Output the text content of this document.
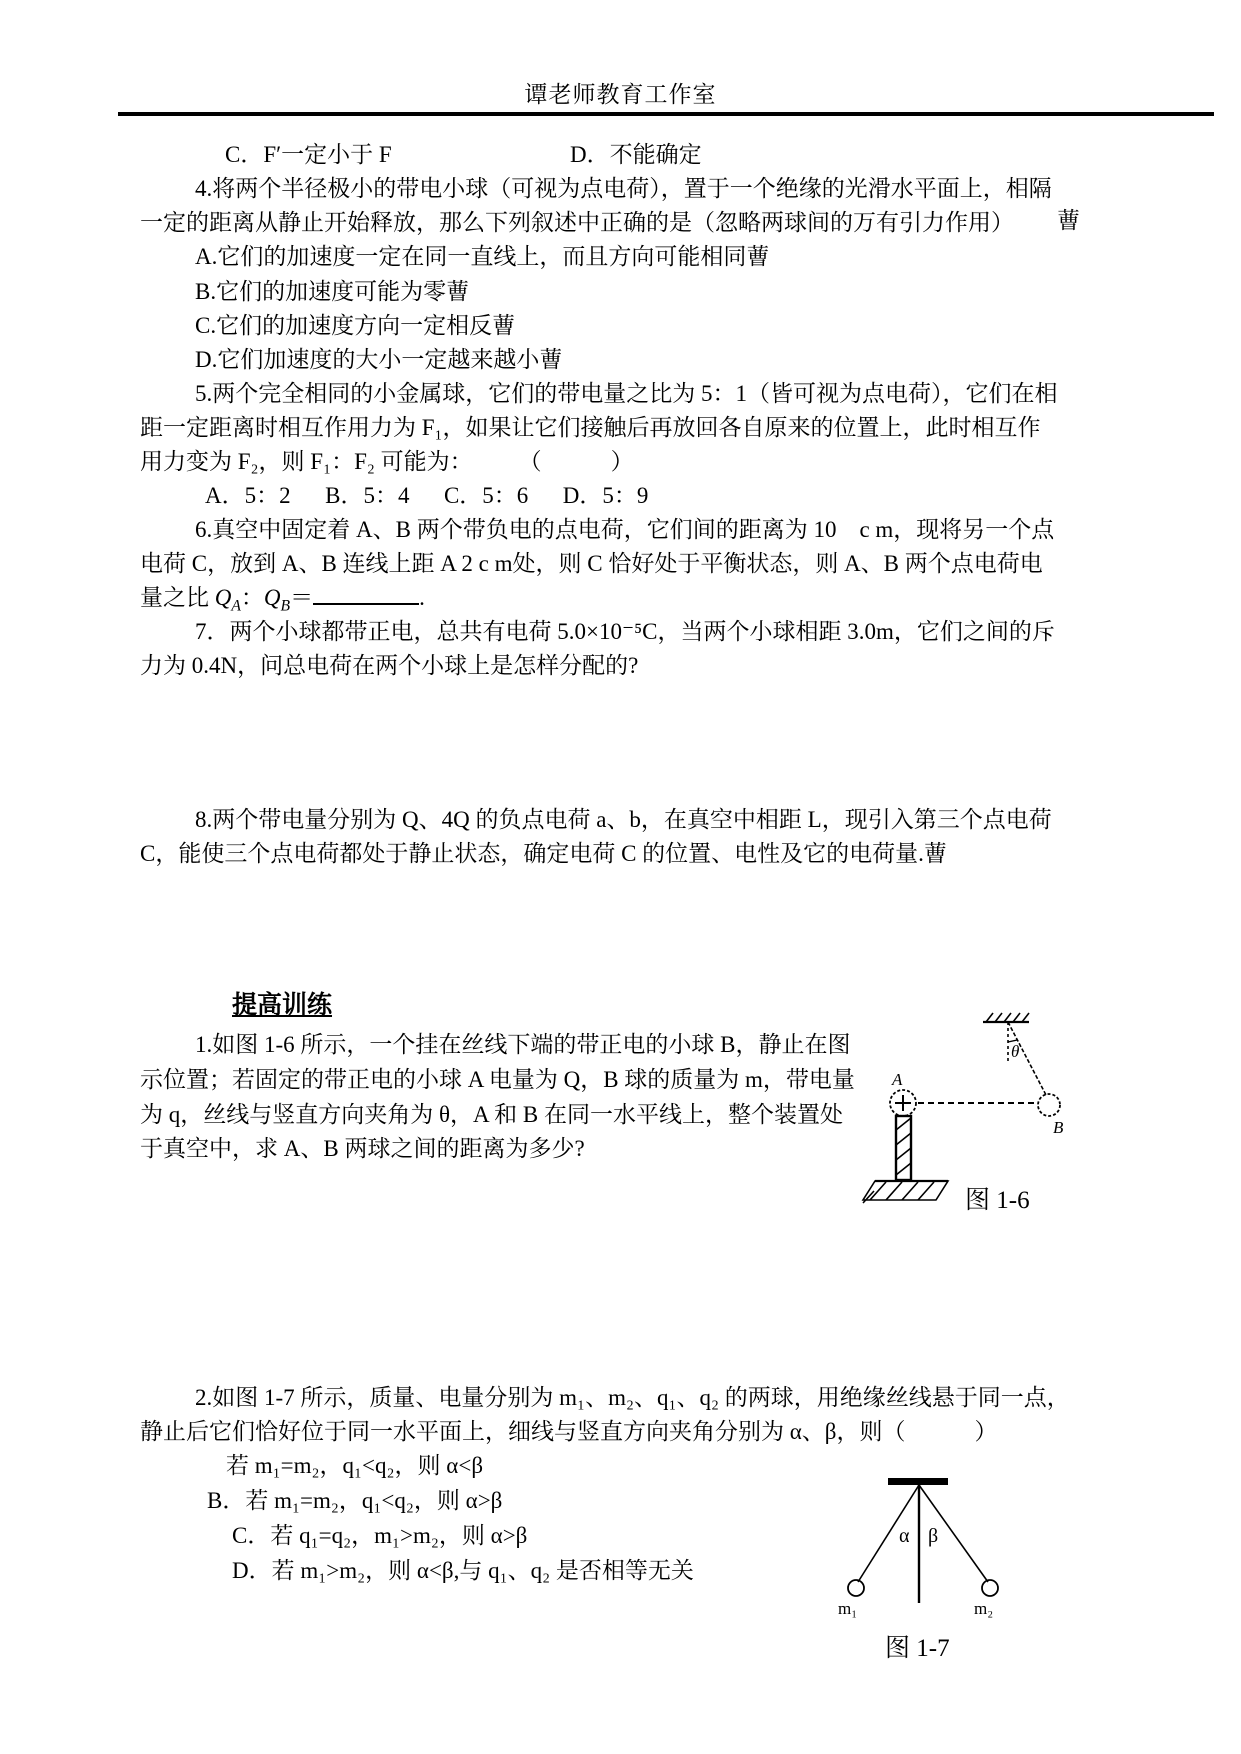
谭老师教育工作室
C．F′一定小于 F	D．不能确定
4.将两个半径极小的带电小球（可视为点电荷），置于一个绝缘的光滑水平面上，相隔
一定的距离从静止开始释放，那么下列叙述中正确的是（忽略两球间的万有引力作用） 蓸
A.它们的加速度一定在同一直线上，而且方向可能相同蓸
B.它们的加速度可能为零蓸
C.它们的加速度方向一定相反蓸
D.它们加速度的大小一定越来越小蓸
5.两个完全相同的小金属球，它们的带电量之比为 5：1（皆可视为点电荷），它们在相
距一定距离时相互作用力为 F₁，如果让它们接触后再放回各自原来的位置上，此时相互作
用力变为 F₂，则 F₁：F₂ 可能为：　　　（　　　）
A．5：2　  B．5：4　  C．5：6　  D．5：9
6.真空中固定着 A、B 两个带负电的点电荷，它们间的距离为 10　c m，现将另一个点
电荷 C，放到 A、B 连线上距 A 2 c m处，则 C 恰好处于平衡状态，则 A、B 两个点电荷电
量之比 $Q_A$：$Q_B=$	.
7．两个小球都带正电，总共有电荷 5.0×10⁻⁵C，当两个小球相距 3.0m，它们之间的斥
力为 0.4N，问总电荷在两个小球上是怎样分配的?
8.两个带电量分别为 Q、4Q 的负点电荷 a、b，在真空中相距 L，现引入第三个点电荷
C，能使三个点电荷都处于静止状态，确定电荷 C 的位置、电性及它的电荷量.蓸
提高训练
1.如图 1-6 所示，一个挂在丝线下端的带正电的小球 B，静止在图
示位置；若固定的带正电的小球 A 电量为 Q，B 球的质量为 m，带电量
为 q，丝线与竖直方向夹角为 θ，A 和 B 在同一水平线上，整个装置处
于真空中，求 A、B 两球之间的距离为多少?
θ
B
A
图 1-6
2.如图 1-7 所示，质量、电量分别为 m₁、m₂、q₁、q₂ 的两球，用绝缘丝线悬于同一点，
静止后它们恰好位于同一水平面上，细线与竖直方向夹角分别为 α、β，则（　　　）
若 m₁=m₂，q₁<q₂，则 α<β
B．若 m₁=m₂，q₁<q₂，则 α>β
C．若 q₁=q₂，m₁>m₂，则 α>β
D．若 m₁>m₂，则 α<β,与 q₁、q₂ 是否相等无关
α β
m₁	m₂
图 1-7
